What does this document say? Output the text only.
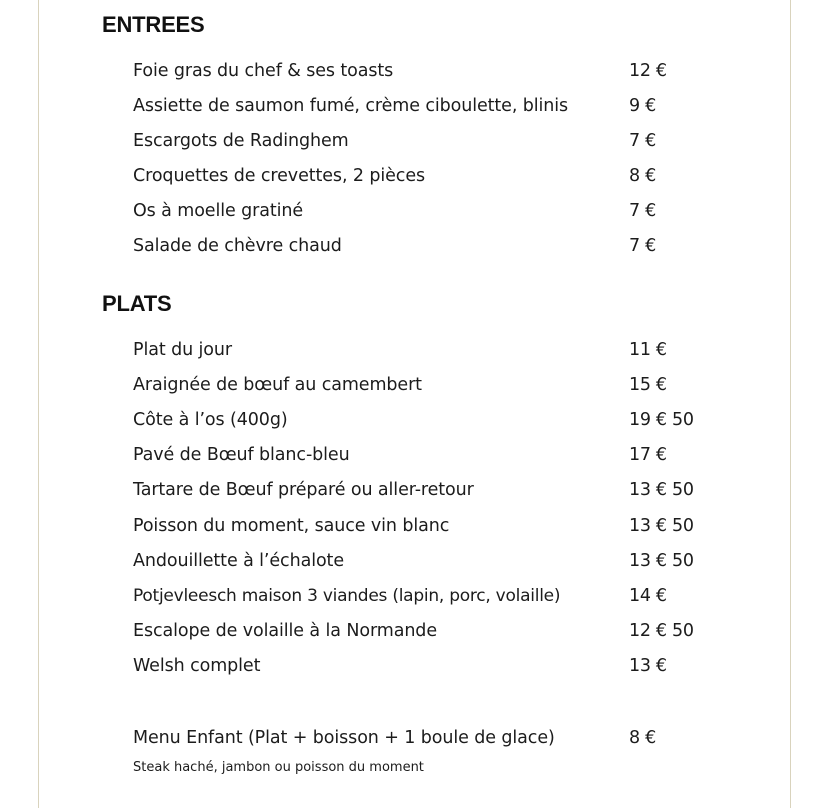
ENTREES
Foie gras du chef & ses toasts	12 €
Assiette de saumon fumé, crème ciboulette, blinis	9 €
Escargots de Radinghem	7 €
Croquettes de crevettes, 2 pièces	8 €
Os à moelle gratiné	7 €
Salade de chèvre chaud	7 €
PLATS
Plat du jour	11 €
Araignée de bœuf au camembert	15 €
Côte à l’os (400g)	19 € 50
Pavé de Bœuf blanc-bleu	17 €
Tartare de Bœuf préparé ou aller-retour	13 € 50
Poisson du moment, sauce vin blanc	13 € 50
Andouillette à l’échalote	13 € 50
Potjevleesch maison 3 viandes (lapin, porc, volaille)	14 €
Escalope de volaille à la Normande	12 € 50
Welsh complet	13 €
Menu Enfant (Plat + boisson + 1 boule de glace)	8 €
Steak haché, jambon ou poisson du moment
